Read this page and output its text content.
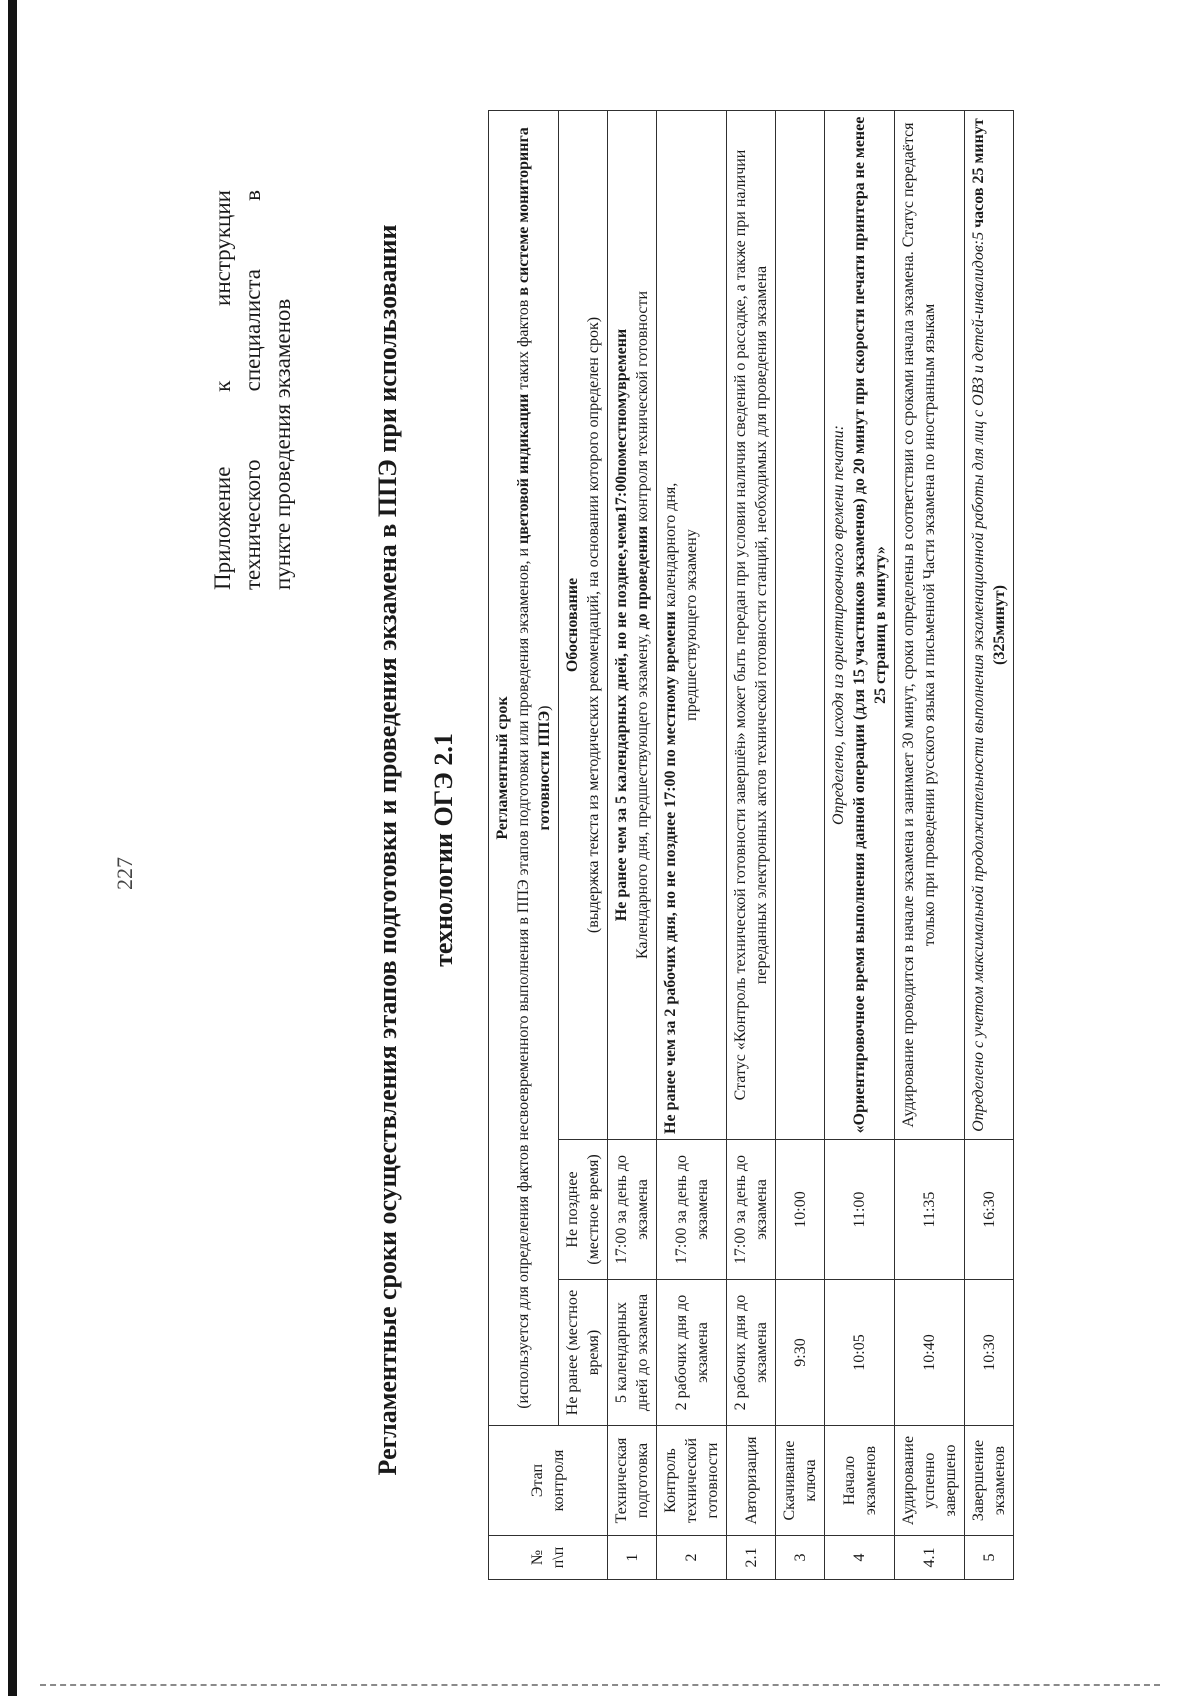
227
Приложение
к
инструкции
технического
специалиста
в
пункте проведения экзаменов	Регламентные сроки осуществления этапов подготовки и проведения экзамена в ППЭ при использовании	технологии ОГЭ 2.1
№ п\п	Этап контроля	Регламентный срок (используется для определения фактов несвоевременного выполнения в ППЭ этапов подготовки или проведения экзаменов, и цветовой индикации таких фактов в системе мониторинга готовности ППЭ)		

		Не ранее (местное время)	Не позднее (местное время)	Обоснование (выдержка текста из методических рекомендаций, на основании которого определен срок)

1	Техническая подготовка	5 календарных дней до экзамена	17:00 за день до экзамена	Не ранее чем за 5 календарных дней, но не позднее,чемв17:00поместномувремени Календарного дня, предшествующего экзамену, до проведения контроля технической готовности

2	Контроль технической готовности	2 рабочих дня до экзамена	17:00 за день до экзамена	Не ранее чем за 2 рабочих дня, но не позднее 17:00 по местному времени календарного дня, предшествующего экзамену

2.1	Авторизация	2 рабочих дня до экзамена	17:00 за день до экзамена	Статус «Контроль технической готовности завершён» может быть передан при условии наличия сведений о рассадке, а также при наличии переданных электронных актов технической готовности станций, необходимых для проведения экзамена
3	Скачивание ключа	9:30	10:00	
4	Начало экзаменов	10:05	11:00	Определено, исходя из ориентировочного времени печати: «Ориентировочное время выполнения данной операции (для 15 участников экзаменов) до 20 минут при скорости печати принтера не менее 25 страниц в минуту»

4.1	Аудирование успенно завершено	10:40	11:35	Аудирование проводится в начале экзамена и занимает 30 минут, сроки определены в соответствии со сроками начала экзамена. Статус передаётся только при проведении русского языка и письменной Части экзамена по иностранным языкам
5	Завершение экзаменов	10:30	16:30	Определено с учетом максимальной продолжительности выполнения экзаменационной работы для лиц с ОВЗ и детей-инвалидов:5 часов 25 минут (325минут)
